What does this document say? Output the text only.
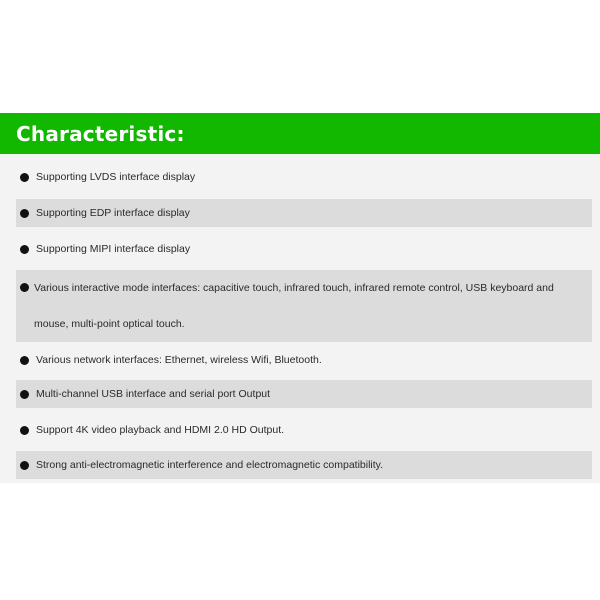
Characteristic:
Supporting LVDS interface display
Supporting EDP interface display
Supporting MIPI interface display
Various interactive mode interfaces: capacitive touch, infrared touch, infrared remote control, USB keyboard and mouse, multi-point optical touch.
Various network interfaces: Ethernet, wireless Wifi, Bluetooth.
Multi-channel USB interface and serial port Output
Support 4K video playback and HDMI 2.0 HD Output.
Strong anti-electromagnetic interference and electromagnetic compatibility.
